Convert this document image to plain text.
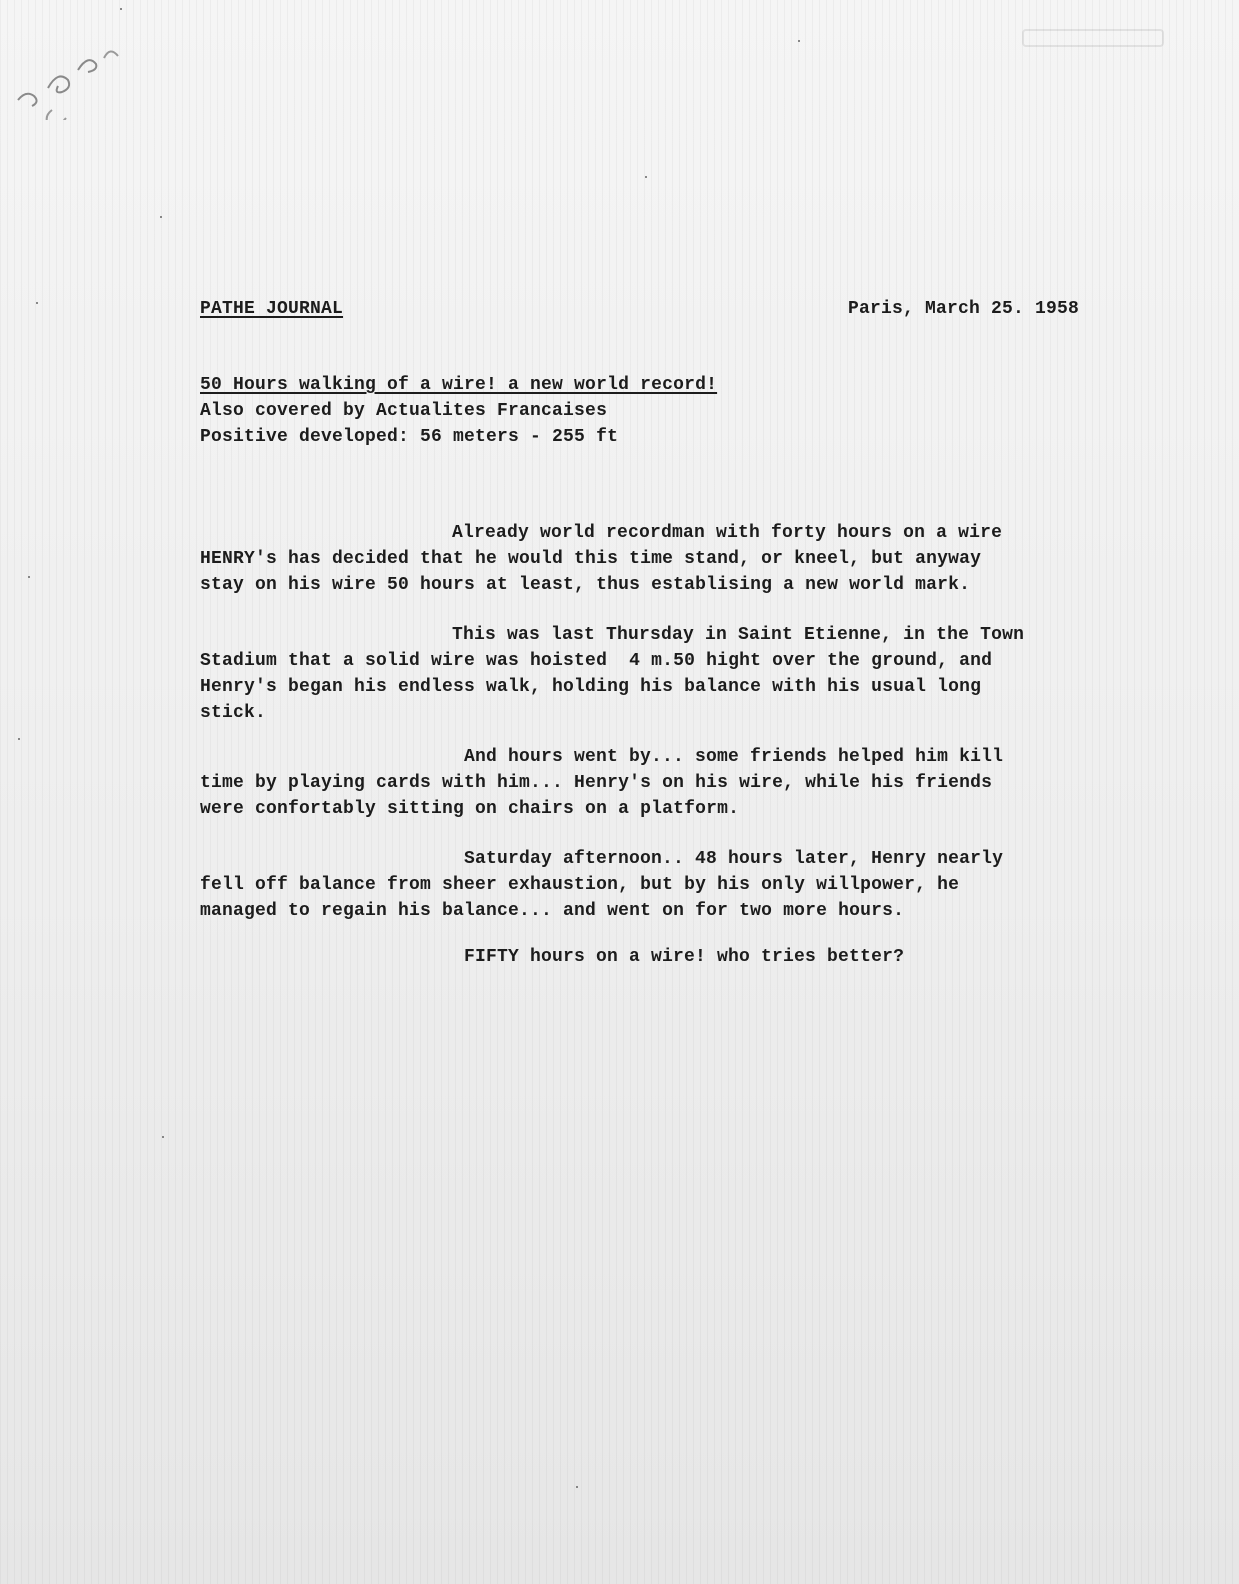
PATHE JOURNAL	Paris, March 25. 1958
50 Hours walking of a wire! a new world record!
Also covered by Actualites Francaises
Positive developed: 56 meters - 255 ft
Already world recordman with forty hours on a wire
HENRY's has decided that he would this time stand, or kneel, but anyway
stay on his wire 50 hours at least, thus establising a new world mark.
This was last Thursday in Saint Etienne, in the Town
Stadium that a solid wire was hoisted  4 m.50 hight over the ground, and
Henry's began his endless walk, holding his balance with his usual long
stick.
And hours went by... some friends helped him kill
time by playing cards with him... Henry's on his wire, while his friends
were confortably sitting on chairs on a platform.
Saturday afternoon.. 48 hours later, Henry nearly
fell off balance from sheer exhaustion, but by his only willpower, he
managed to regain his balance... and went on for two more hours.
FIFTY hours on a wire! who tries better?
